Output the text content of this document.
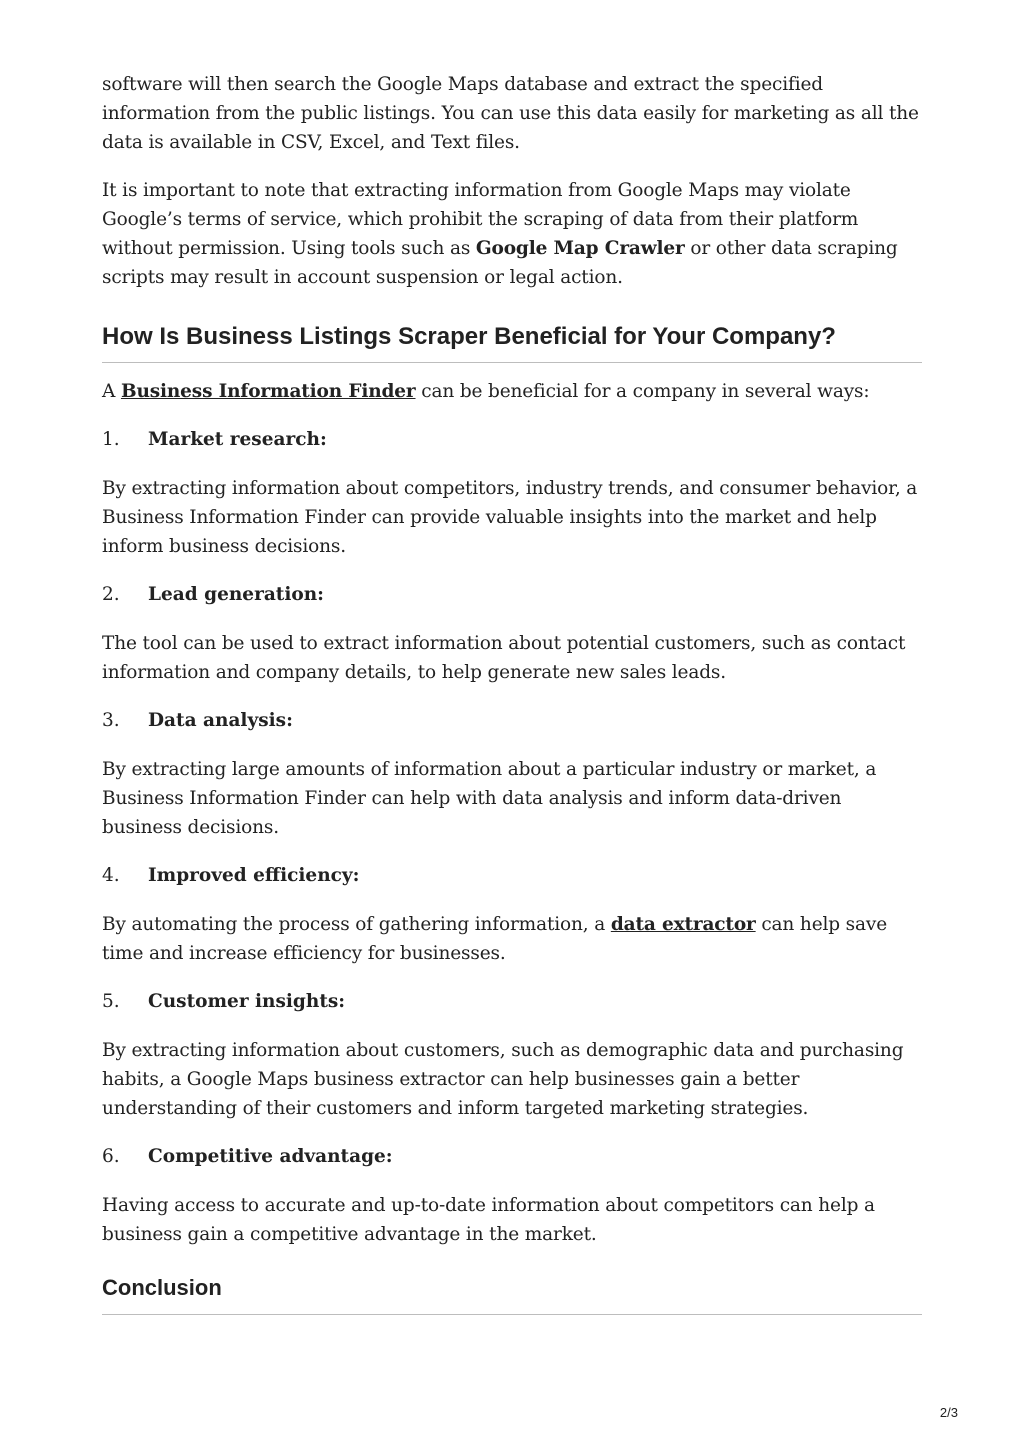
software will then search the Google Maps database and extract the specified information from the public listings. You can use this data easily for marketing as all the data is available in CSV, Excel, and Text files.

It is important to note that extracting information from Google Maps may violate Google’s terms of service, which prohibit the scraping of data from their platform without permission. Using tools such as Google Map Crawler or other data scraping scripts may result in account suspension or legal action.

How Is Business Listings Scraper Beneficial for Your Company?

A Business Information Finder can be beneficial for a company in several ways:

1.	Market research:

By extracting information about competitors, industry trends, and consumer behavior, a Business Information Finder can provide valuable insights into the market and help inform business decisions.

2.	Lead generation:

The tool can be used to extract information about potential customers, such as contact information and company details, to help generate new sales leads.

3.	Data analysis:

By extracting large amounts of information about a particular industry or market, a Business Information Finder can help with data analysis and inform data-driven business decisions.

4.	Improved efficiency:

By automating the process of gathering information, a data extractor can help save time and increase efficiency for businesses.

5.	Customer insights:

By extracting information about customers, such as demographic data and purchasing habits, a Google Maps business extractor can help businesses gain a better understanding of their customers and inform targeted marketing strategies.

6.	Competitive advantage:

Having access to accurate and up-to-date information about competitors can help a business gain a competitive advantage in the market.

Conclusion
2/3
